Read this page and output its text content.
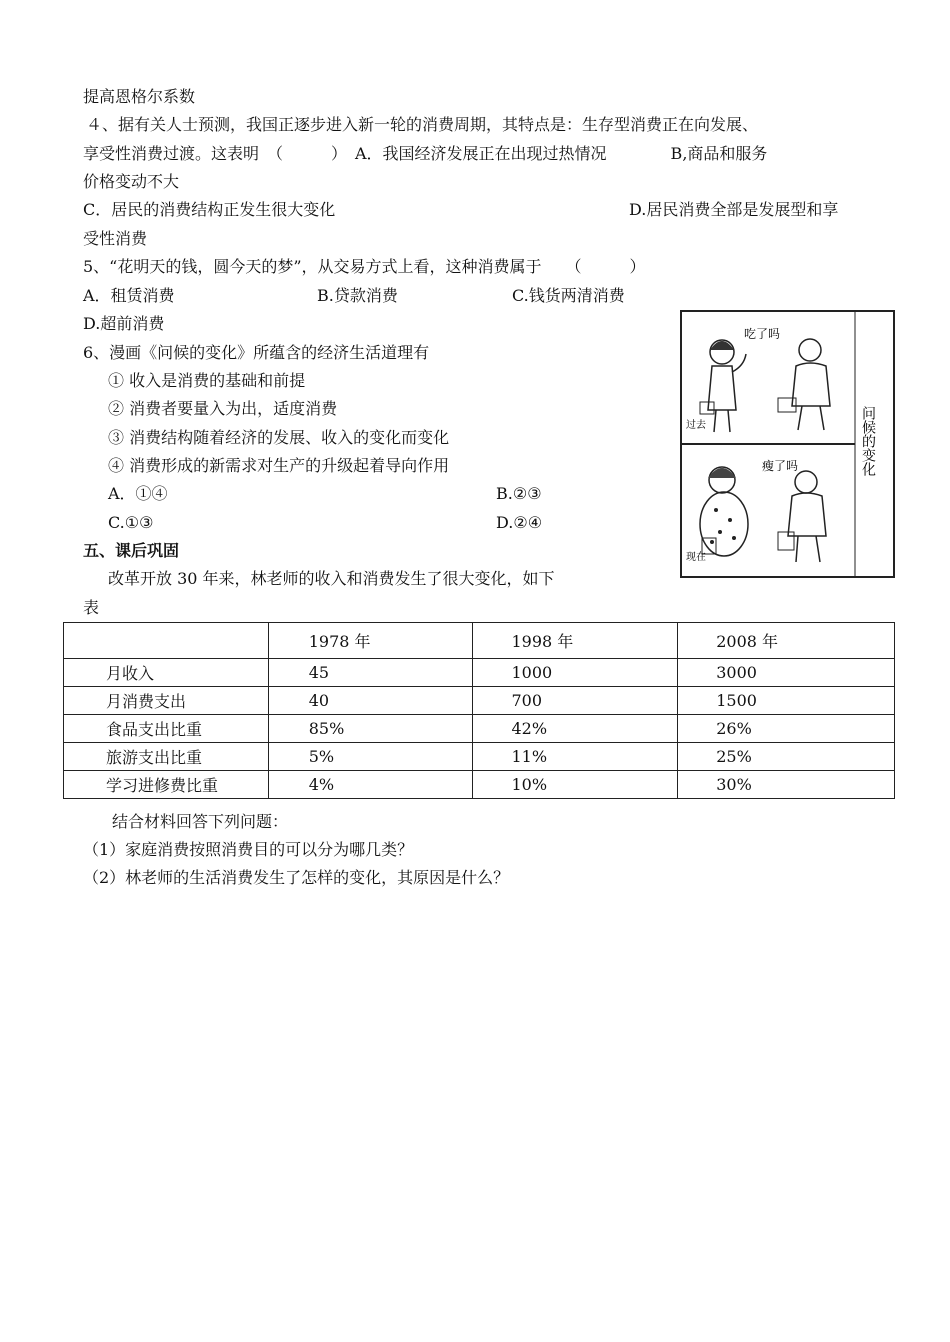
提高恩格尔系数
４、据有关人士预测，我国正逐步进入新一轮的消费周期，其特点是：生存型消费正在向发展、
享受性消费过渡。这表明　（　　　）　A．我国经济发展正在出现过热情况　　　　B,商品和服务
价格变动不大
C．居民的消费结构正发生很大变化	D.居民消费全部是发展型和享
受性消费
5、“花明天的钱，圆今天的梦”，从交易方式上看，这种消费属于　　（　　　）
A．租赁消费	B.贷款消费	C.钱货两清消费
D.超前消费
6、漫画《问候的变化》所蕴含的经济生活道理有
① 收入是消费的基础和前提
② 消费者要量入为出，适度消费
③ 消费结构随着经济的发展、收入的变化而变化
④ 消费形成的新需求对生产的升级起着导向作用
A．①④	B.②③
C.①③	D.②④
五、课后巩固
改革开放 30 年来，林老师的收入和消费发生了很大变化，如下
表
吃了吗
过去
瘦了吗
现在
问候的变化
	1978 年	1998 年	2008 年
月收入	45	1000	3000
月消费支出	40	700	1500
食品支出比重	85%	42%	26%
旅游支出比重	5%	11%	25%
学习进修费比重	4%	10%	30%
结合材料回答下列问题：
（1）家庭消费按照消费目的可以分为哪几类？
（2）林老师的生活消费发生了怎样的变化，其原因是什么？
